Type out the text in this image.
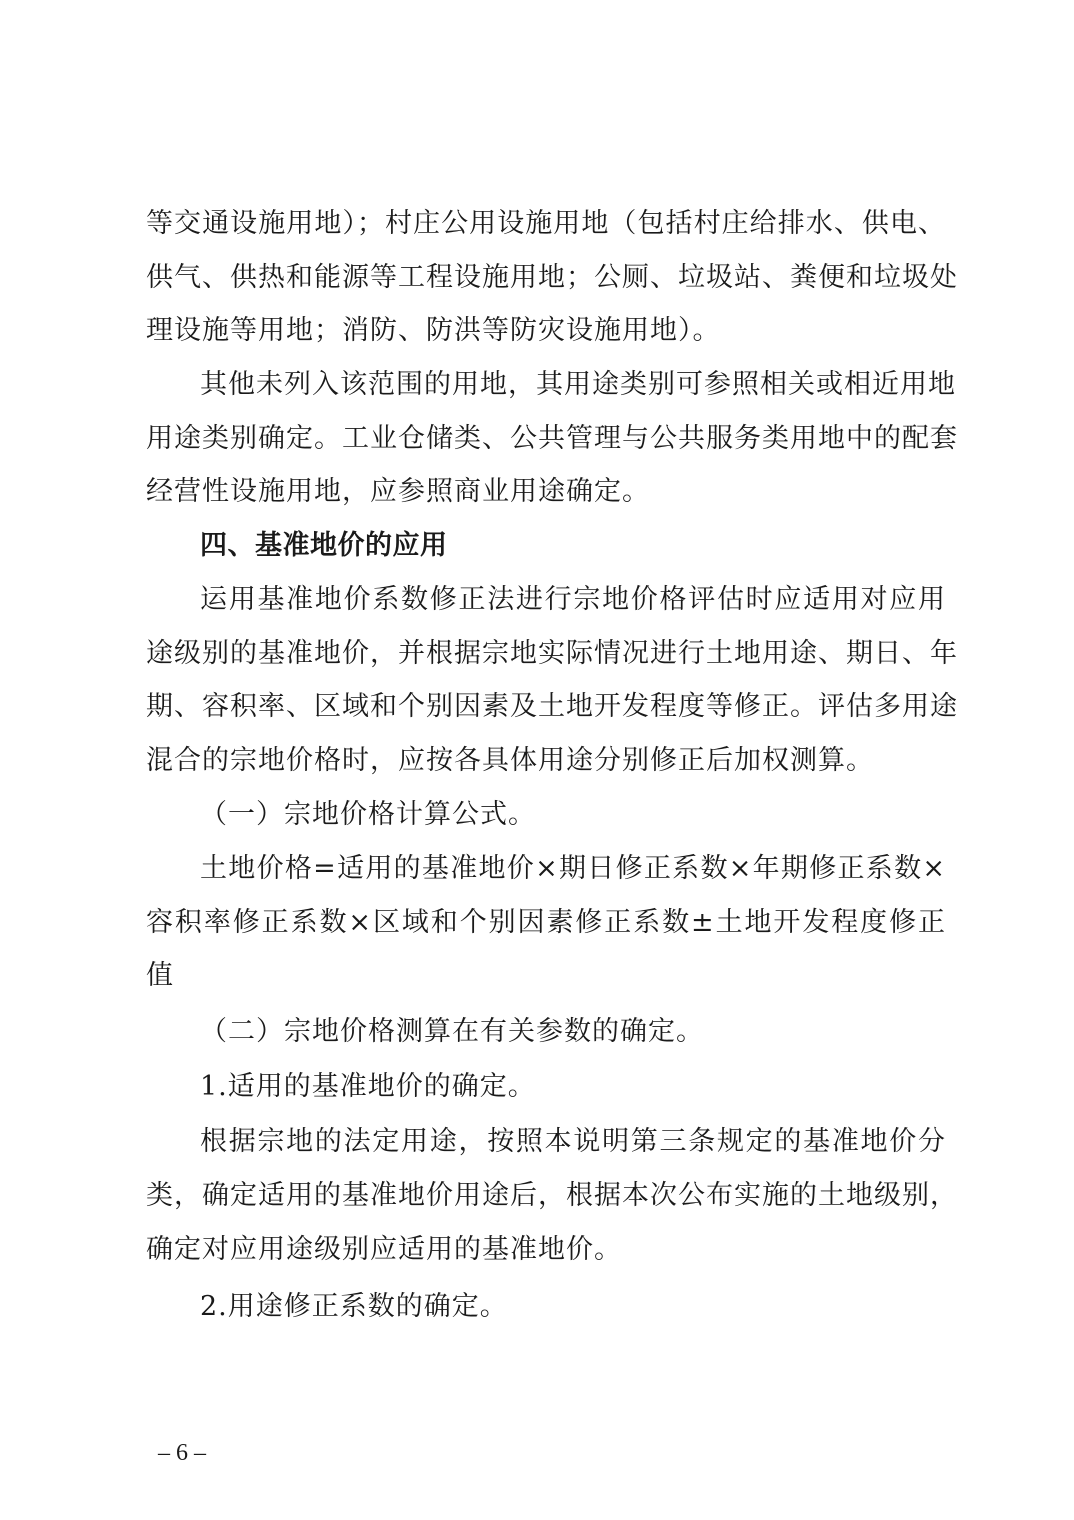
等交通设施用地）；村庄公用设施用地（包括村庄给排水、供电、
供气、供热和能源等工程设施用地；公厕、垃圾站、粪便和垃圾处
理设施等用地；消防、防洪等防灾设施用地）。
其他未列入该范围的用地，其用途类别可参照相关或相近用地
用途类别确定。工业仓储类、公共管理与公共服务类用地中的配套
经营性设施用地，应参照商业用途确定。
四、基准地价的应用
运用基准地价系数修正法进行宗地价格评估时应适用对应用
途级别的基准地价，并根据宗地实际情况进行土地用途、期日、年
期、容积率、区域和个别因素及土地开发程度等修正。评估多用途
混合的宗地价格时，应按各具体用途分别修正后加权测算。
（一）宗地价格计算公式。
土地价格=适用的基准地价×期日修正系数×年期修正系数×
容积率修正系数×区域和个别因素修正系数±土地开发程度修正
值
（二）宗地价格测算在有关参数的确定。
1.适用的基准地价的确定。
根据宗地的法定用途，按照本说明第三条规定的基准地价分
类，确定适用的基准地价用途后，根据本次公布实施的土地级别，
确定对应用途级别应适用的基准地价。
2.用途修正系数的确定。
– 6 –
